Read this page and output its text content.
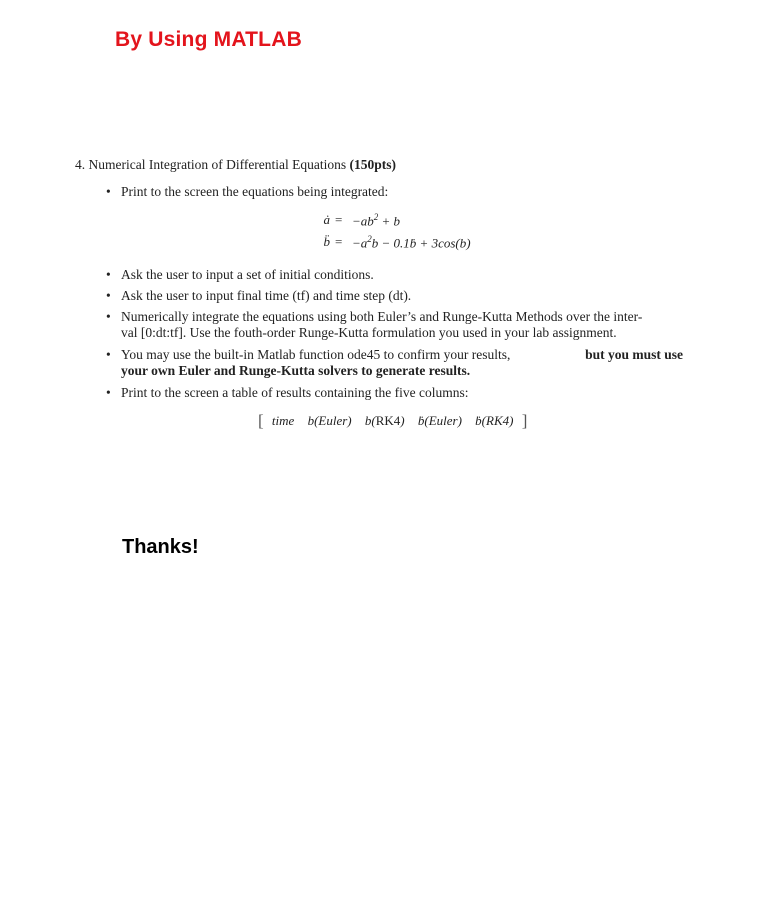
By Using MATLAB
4. Numerical Integration of Differential Equations (150pts)
• Print to the screen the equations being integrated:
ȧ = $-ab^2 + b$
b̈ = $-a^2b$ − 0.1ḃ + 3cos(b)
• Ask the user to input a set of initial conditions.
• Ask the user to input final time (tf) and time step (dt).
• Numerically integrate the equations using both Euler’s and Runge-Kutta Methods over the inter-
val [0:dt:tf]. Use the fouth-order Runge-Kutta formulation you used in your lab assignment.
• You may use the built-in Matlab function ode45 to confirm your results,	but you must use
your own Euler and Runge-Kutta solvers to generate results.
• Print to the screen a table of results containing the five columns:
[ time b(Euler) b(RK4) ḃ(Euler) ḃ(RK4) ]
Thanks!
